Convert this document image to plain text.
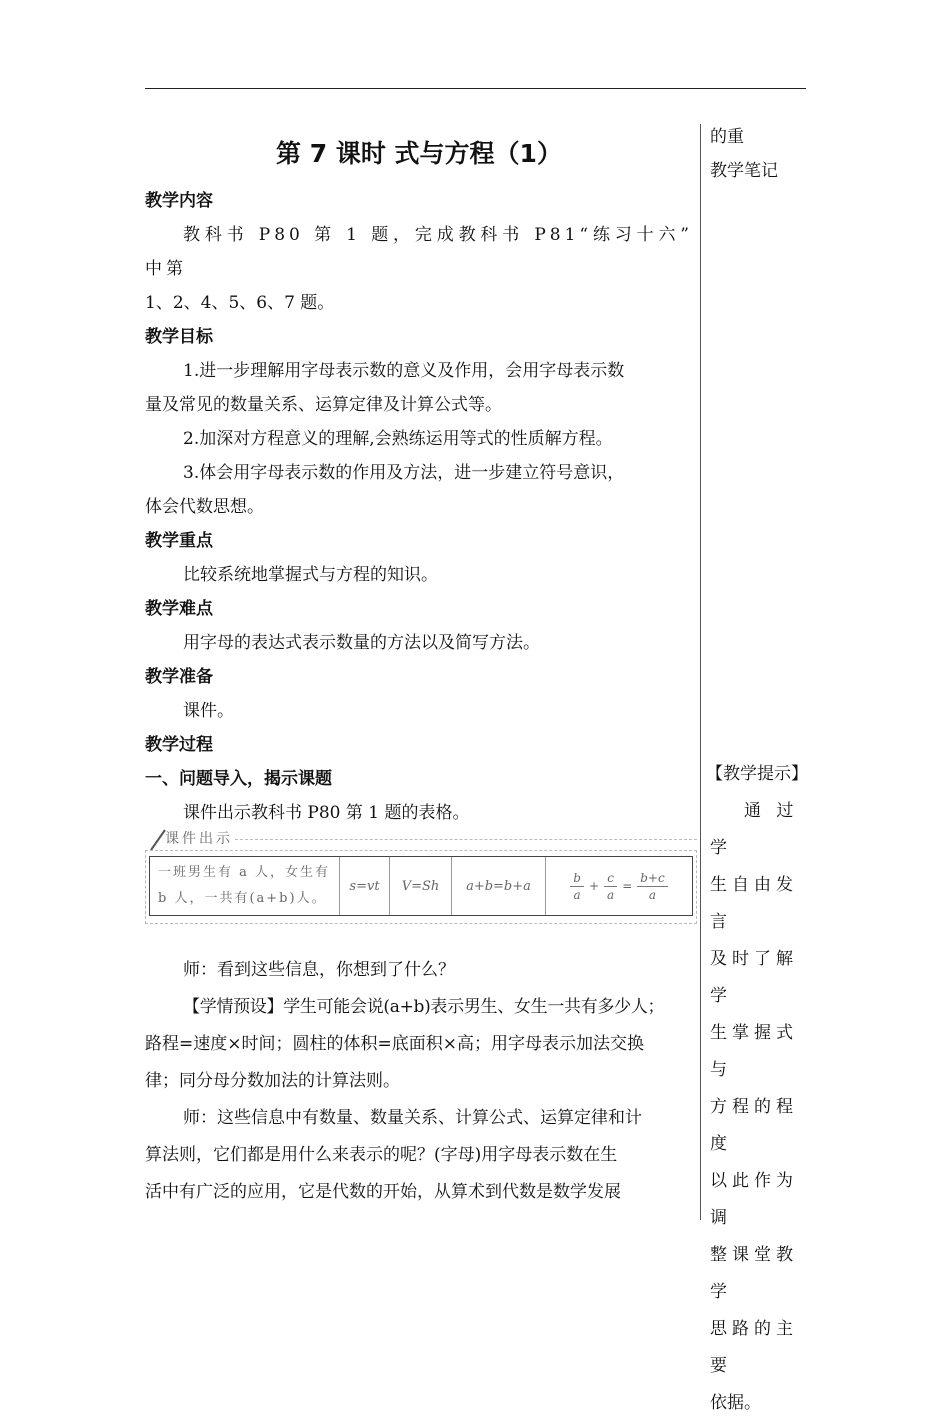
第 7 课时 式与方程（1）

教学内容

教科书 P80 第 1 题，完成教科书 P81“练习十六” 中第

1、2、4、5、6、7 题。

教学目标

1.进一步理解用字母表示数的意义及作用，会用字母表示数

量及常见的数量关系、运算定律及计算公式等。

2.加深对方程意义的理解,会熟练运用等式的性质解方程。

3.体会用字母表示数的作用及方法，进一步建立符号意识，

体会代数思想。

教学重点

比较系统地掌握式与方程的知识。

教学难点

用字母的表达式表示数量的方法以及简写方法。

教学准备

课件。

教学过程

一、问题导入，揭示课题

课件出示教科书 P80 第 1 题的表格。

课件出示
一班男生有 a 人，女生有
b 人，一共有(a+b)人。
s=vt	V=Sh	a+b=b+a	$\frac{b}{a} + \frac{c}{a} = \frac{b+c}{a}$

师：看到这些信息，你想到了什么？

【学情预设】学生可能会说(a+b)表示男生、女生一共有多少人；

路程=速度×时间；圆柱的体积=底面积×高；用字母表示加法交换

律；同分母分数加法的计算法则。

师：这些信息中有数量、数量关系、计算公式、运算定律和计

算法则，它们都是用什么来表示的呢？(字母)用字母表示数在生

活中有广泛的应用，它是代数的开始，从算术到代数是数学发展

的重
教学笔记
【教学提示】
通 过 学
生自由发言
及时了解学
生掌握式与
方程的程度
以此作为调
整课堂教学
思路的主要
依据。
